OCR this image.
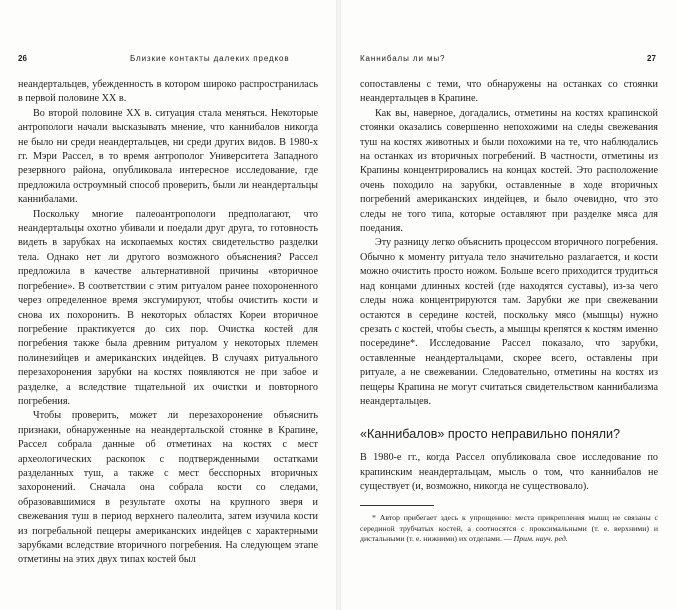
26	Близкие контакты далеких предков

неандертальцев, убежденность в котором широко распространилась в первой половине XX в.

Во второй половине XX в. ситуация стала меняться. Некоторые антропологи начали высказывать мнение, что каннибалов никогда не было ни среди неандертальцев, ни среди других видов. В 1980-х гг. Мэри Рассел, в то время антрополог Университета Западного резервного района, опубликовала интересное исследование, где предложила остроумный способ проверить, были ли неандертальцы каннибалами.

Поскольку многие палеоантропологи предполагают, что неандертальцы охотно убивали и поедали друг друга, то готовность видеть в зарубках на ископаемых костях свидетельство разделки тела. Однако нет ли другого возможного объяснения? Рассел предложила в качестве альтернативной причины «вторичное погребение». В соответствии с этим ритуалом ранее похороненного через определенное время эксгумируют, чтобы очистить кости и снова их похоронить. В некоторых областях Кореи вторичное погребение практикуется до сих пор. Очистка костей для погребения также была древним ритуалом у некоторых племен полинезийцев и американских индейцев. В случаях ритуального перезахоронения зарубки на костях появляются не при забое и разделке, а вследствие тщательной их очистки и повторного погребения.

Чтобы проверить, может ли перезахоронение объяснить признаки, обнаруженные на неандертальской стоянке в Крапине, Рассел собрала данные об отметинах на костях с мест археологических раскопок с подтвержденными остатками разделанных туш, а также с мест бесспорных вторичных захоронений. Сначала она собрала кости со следами, образовавшимися в результате охоты на крупного зверя и свежевания туш в период верхнего палеолита, затем изучила кости из погребальной пещеры американских индейцев с характерными зарубками вследствие вторичного погребения. На следующем этапе отметины на этих двух типах костей был

Каннибалы ли мы?	27

сопоставлены с теми, что обнаружены на останках со стоянки неандертальцев в Крапине.

Как вы, наверное, догадались, отметины на костях крапинской стоянки оказались совершенно непохожими на следы свежевания туш на костях животных и были похожими на те, что наблюдались на останках из вторичных погребений. В частности, отметины из Крапины концентрировались на концах костей. Это расположение очень походило на зарубки, оставленные в ходе вторичных погребений американских индейцев, и было очевидно, что это следы не того типа, которые оставляют при разделке мяса для поедания.

Эту разницу легко объяснить процессом вторичного погребения. Обычно к моменту ритуала тело значительно разлагается, и кости можно очистить просто ножом. Больше всего приходится трудиться над концами длинных костей (где находятся суставы), из-за чего следы ножа концентрируются там. Зарубки же при свежевании остаются в середине костей, поскольку мясо (мышцы) нужно срезать с костей, чтобы съесть, а мышцы крепятся к костям именно посередине*. Исследование Рассел показало, что зарубки, оставленные неандертальцами, скорее всего, оставлены при ритуале, а не свежевании. Следовательно, отметины на костях из пещеры Крапина не могут считаться свидетельством каннибализма неандертальцев.

«Каннибалов» просто неправильно поняли?

В 1980-е гг., когда Рассел опубликовала свое исследование по крапинским неандертальцам, мысль о том, что каннибалов не существует (и, возможно, никогда не существовало).

* Автор прибегает здесь к упрощению: места прикрепления мышц не связаны с серединой трубчатых костей, а соотносятся с проксимальными (т. е. верхними) и дистальными (т. е. нижними) их отделами. — Прим. науч. ред.
